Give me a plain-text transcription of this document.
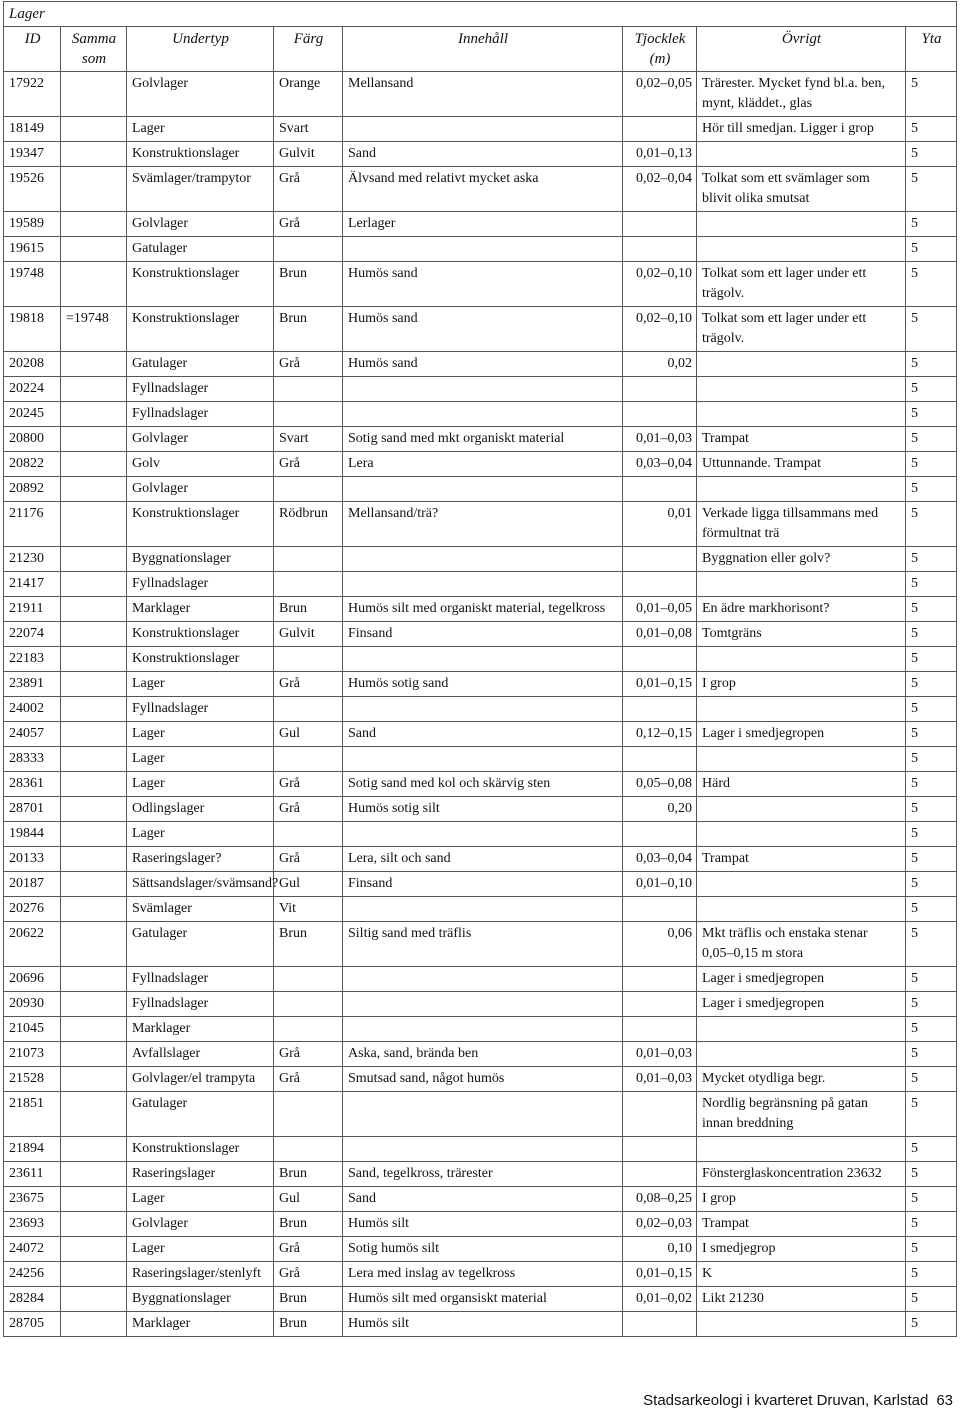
Lager							
ID	Samma som	Undertyp	Färg	Innehåll	Tjocklek (m)	Övrigt	Yta
17922		Golvlager	Orange	Mellansand	0,02–0,05	Trärester. Mycket fynd bl.a. ben, mynt, kläddet., glas	5
18149		Lager	Svart			Hör till smedjan. Ligger i grop	5
19347		Konstruktionslager	Gulvit	Sand	0,01–0,13		5
19526		Svämlager/trampytor	Grå	Älvsand med relativt mycket aska	0,02–0,04	Tolkat som ett svämlager som blivit olika smutsat	5
19589		Golvlager	Grå	Lerlager			5
19615		Gatulager					5
19748		Konstruktionslager	Brun	Humös sand	0,02–0,10	Tolkat som ett lager under ett trägolv.	5
19818	=19748	Konstruktionslager	Brun	Humös sand	0,02–0,10	Tolkat som ett lager under ett trägolv.	5
20208		Gatulager	Grå	Humös sand	0,02		5
20224		Fyllnadslager					5
20245		Fyllnadslager					5
20800		Golvlager	Svart	Sotig sand med mkt organiskt material	0,01–0,03	Trampat	5
20822		Golv	Grå	Lera	0,03–0,04	Uttunnande. Trampat	5
20892		Golvlager					5
21176		Konstruktionslager	Rödbrun	Mellansand/trä?	0,01	Verkade ligga tillsammans med förmultnat trä	5
21230		Byggnationslager				Byggnation eller golv?	5
21417		Fyllnadslager					5
21911		Marklager	Brun	Humös silt med organiskt material, tegelkross	0,01–0,05	En ädre markhorisont?	5
22074		Konstruktionslager	Gulvit	Finsand	0,01–0,08	Tomtgräns	5
22183		Konstruktionslager					5
23891		Lager	Grå	Humös sotig sand	0,01–0,15	I grop	5
24002		Fyllnadslager					5
24057		Lager	Gul	Sand	0,12–0,15	Lager i smedjegropen	5
28333		Lager					5
28361		Lager	Grå	Sotig sand med kol och skärvig sten	0,05–0,08	Härd	5
28701		Odlingslager	Grå	Humös sotig silt	0,20		5
19844		Lager					5
20133		Raseringslager?	Grå	Lera, silt och sand	0,03–0,04	Trampat	5
20187		Sättsandslager/svämsand?	Gul	Finsand	0,01–0,10		5
20276		Svämlager	Vit				5
20622		Gatulager	Brun	Siltig sand med träflis	0,06	Mkt träflis och enstaka stenar 0,05–0,15 m stora	5
20696		Fyllnadslager				Lager i smedjegropen	5
20930		Fyllnadslager				Lager i smedjegropen	5
21045		Marklager					5
21073		Avfallslager	Grå	Aska, sand, brända ben	0,01–0,03		5
21528		Golvlager/el trampyta	Grå	Smutsad sand, något humös	0,01–0,03	Mycket otydliga begr.	5
21851		Gatulager				Nordlig begränsning på gatan innan breddning	5
21894		Konstruktionslager					5
23611		Raseringslager	Brun	Sand, tegelkross, trärester		Fönsterglaskoncentration 23632	5
23675		Lager	Gul	Sand	0,08–0,25	I grop	5
23693		Golvlager	Brun	Humös silt	0,02–0,03	Trampat	5
24072		Lager	Grå	Sotig humös silt	0,10	I smedjegrop	5
24256		Raseringslager/stenlyft	Grå	Lera med inslag av tegelkross	0,01–0,15	K	5
28284		Byggnationslager	Brun	Humös silt med organsiskt material	0,01–0,02	Likt 21230	5
28705		Marklager	Brun	Humös silt			5
Stadsarkeologi i kvarteret Druvan, Karlstad 63
